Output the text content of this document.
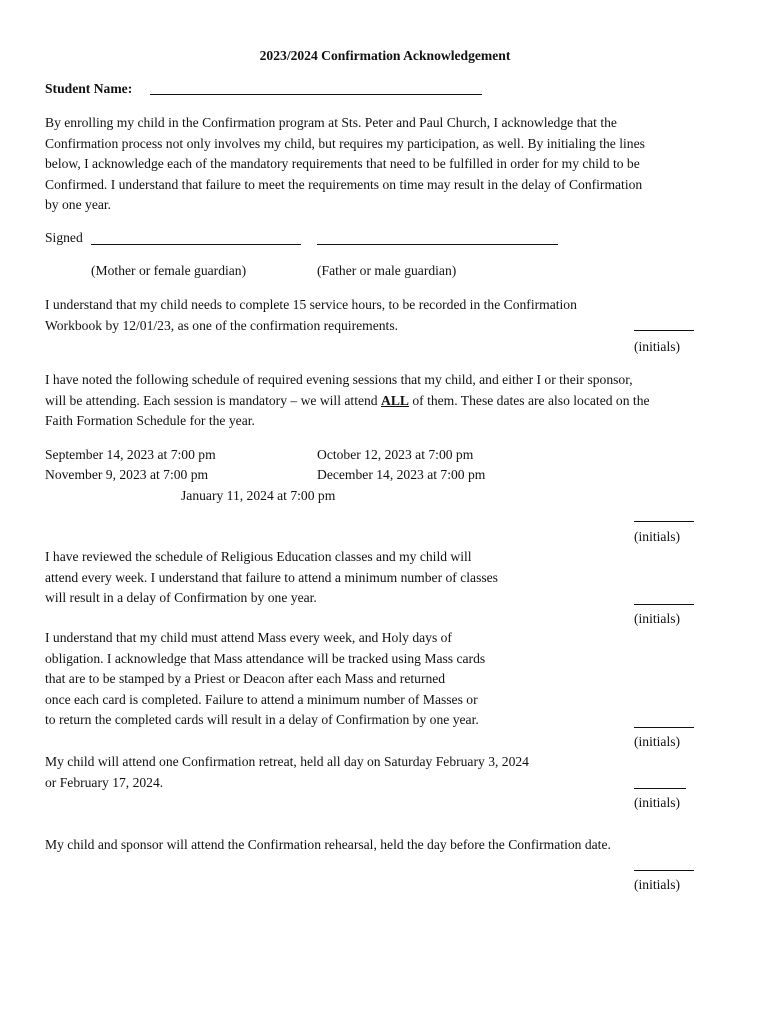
2023/2024 Confirmation Acknowledgement
Student Name:
By enrolling my child in the Confirmation program at Sts. Peter and Paul Church, I acknowledge that the
Confirmation process not only involves my child, but requires my participation, as well. By initialing the lines
below, I acknowledge each of the mandatory requirements that need to be fulfilled in order for my child to be
Confirmed. I understand that failure to meet the requirements on time may result in the delay of Confirmation
by one year.
Signed
(Mother or female guardian)	(Father or male guardian)
I understand that my child needs to complete 15 service hours, to be recorded in the Confirmation
Workbook by 12/01/23, as one of the confirmation requirements.
(initials)
I have noted the following schedule of required evening sessions that my child, and either I or their sponsor,
will be attending. Each session is mandatory – we will attend ALL of them. These dates are also located on the
Faith Formation Schedule for the year.
September 14, 2023 at 7:00 pm	October 12, 2023 at 7:00 pm
November 9, 2023 at 7:00 pm	December 14, 2023 at 7:00 pm
January 11, 2024 at 7:00 pm
(initials)
I have reviewed the schedule of Religious Education classes and my child will
attend every week. I understand that failure to attend a minimum number of classes
will result in a delay of Confirmation by one year.
(initials)
I understand that my child must attend Mass every week, and Holy days of
obligation. I acknowledge that Mass attendance will be tracked using Mass cards
that are to be stamped by a Priest or Deacon after each Mass and returned
once each card is completed. Failure to attend a minimum number of Masses or
to return the completed cards will result in a delay of Confirmation by one year.
(initials)
My child will attend one Confirmation retreat, held all day on Saturday February 3, 2024
or February 17, 2024.
(initials)
My child and sponsor will attend the Confirmation rehearsal, held the day before the Confirmation date.
(initials)
